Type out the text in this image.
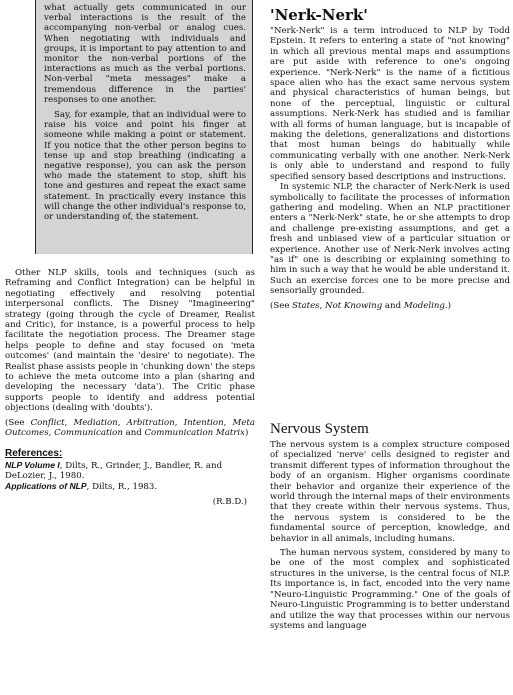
what actually gets communicated in our verbal interactions is the result of the accompanying non-verbal or analog cues. When negotiating with individuals and groups, it is important to pay attention to and monitor the non-verbal portions of the interactions as much as the verbal portions. Non-verbal "meta messages" make a tremendous difference in the parties' responses to one another.

Say, for example, that an individual were to raise his voice and point his finger at someone while making a point or statement. If you notice that the other person begins to tense up and stop breathing (indicating a negative response), you can ask the person who made the statement to stop, shift his tone and gestures and repeat the exact same statement. In practically every instance this will change the other individual's response to, or understanding of, the statement.

Other NLP skills, tools and techniques (such as Reframing and Conflict Integration) can be helpful in negotiating effectively and resolving potential interpersonal conflicts. The Disney "Imagineering" strategy (going through the cycle of Dreamer, Realist and Critic), for instance, is a powerful process to help facilitate the negotiation process. The Dreamer stage helps people to define and stay focused on 'meta outcomes' (and maintain the 'desire' to negotiate). The Realist phase assists people in 'chunking down' the steps to achieve the meta outcome into a plan (sharing and developing the necessary 'data'). The Critic phase supports people to identify and address potential objections (dealing with 'doubts').

(See Conflict, Mediation, Arbitration, Intention, Meta Outcomes, Communication and Communication Matrix)

References:
NLP Volume I, Dilts, R., Grinder, J., Bandler, R. and DeLozier, J., 1980.
Applications of NLP, Dilts, R., 1983.
(R.B.D.)
'Nerk-Nerk'

"Nerk-Nerk" is a term introduced to NLP by Todd Epstein. It refers to entering a state of "not knowing" in which all previous mental maps and assumptions are put aside with reference to one's ongoing experience. "Nerk-Nerk" is the name of a fictitious space alien who has the exact same nervous system and physical characteristics of human beings, but none of the perceptual, linguistic or cultural assumptions. Nerk-Nerk has studied and is familiar with all forms of human language, but is incapable of making the deletions, generalizations and distortions that most human beings do habitually while communicating verbally with one another. Nerk-Nerk is only able to understand and respond to fully specified sensory based descriptions and instructions.

In systemic NLP, the character of Nerk-Nerk is used symbolically to facilitate the processes of information gathering and modeling. When an NLP practitioner enters a "Nerk-Nerk" state, he or she attempts to drop and challenge pre-existing assumptions, and get a fresh and unbiased view of a particular situation or experience. Another use of Nerk-Nerk involves acting "as if" one is describing or explaining something to him in such a way that he would be able understand it. Such an exercise forces one to be more precise and sensorially grounded.

(See States, Not Knowing and Modeling.)

Nervous System

The nervous system is a complex structure composed of specialized 'nerve' cells designed to register and transmit different types of information throughout the body of an organism. Higher organisms coordinate their behavior and organize their experience of the world through the internal maps of their environments that they create within their nervous systems. Thus, the nervous system is considered to be the fundamental source of perception, knowledge, and behavior in all animals, including humans.

The human nervous system, considered by many to be one of the most complex and sophisticated structures in the universe, is the central focus of NLP. Its importance is, in fact, encoded into the very name "Neuro-Linguistic Programming." One of the goals of Neuro-Linguistic Programming is to better understand and utilize the way that processes within our nervous systems and language
